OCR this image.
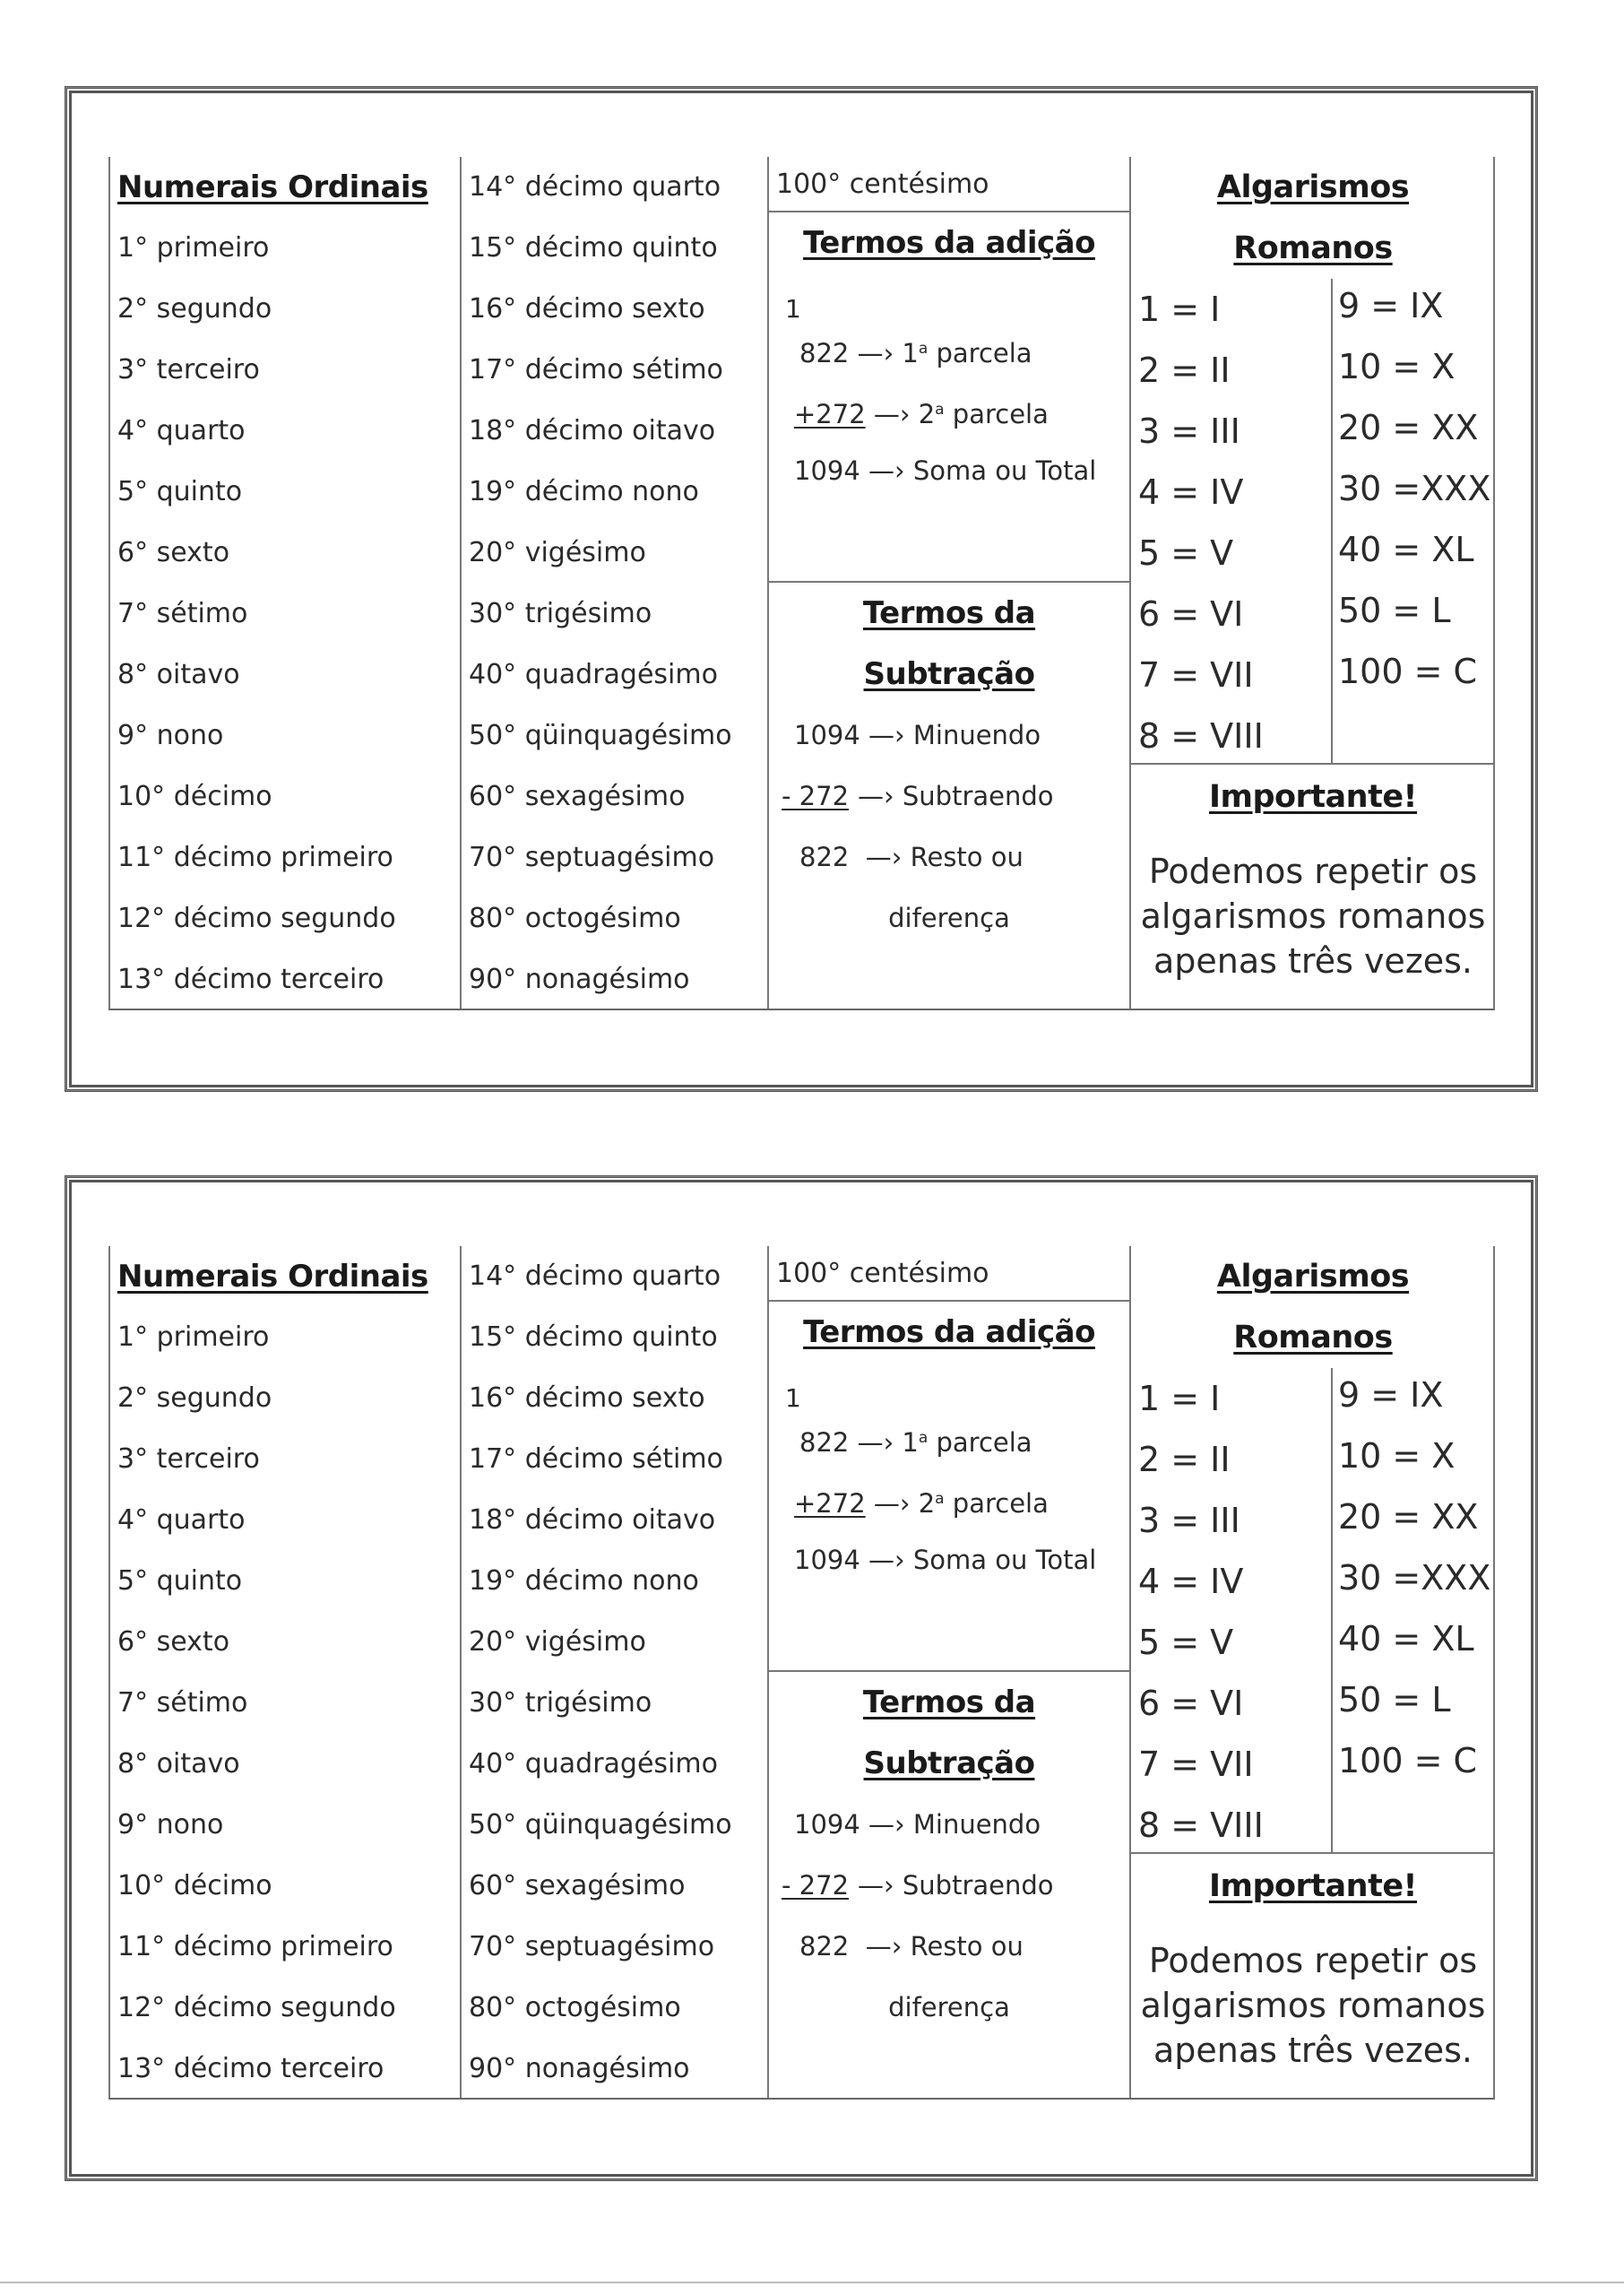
Numerais Ordinais
1° primeiro
2° segundo
3° terceiro
4° quarto
5° quinto
6° sexto
7° sétimo
8° oitavo
9° nono
10° décimo
11° décimo primeiro
12° décimo segundo
13° décimo terceiro
14° décimo quarto
15° décimo quinto
16° décimo sexto
17° décimo sétimo
18° décimo oitavo
19° décimo nono
20° vigésimo
30° trigésimo
40° quadragésimo
50° qüinquagésimo
60° sexagésimo
70° septuagésimo
80° octogésimo
90° nonagésimo
100° centésimo
Termos da adição
1
822 —› 1$^a$ parcela
+272 —› 2$^a$ parcela
1094 —› Soma ou Total
Termos da
Subtração
1094 —› Minuendo
- 272 —› Subtraendo
822 —› Resto ou
diferença
Algarismos
Romanos
1 = I
2 = II
3 = III
4 = IV
5 = V
6 = VI
7 = VII
8 = VIII
9 = IX
10 = X
20 = XX
30 =XXX
40 = XL
50 = L
100 = C
Importante!
Podemos repetir os
algarismos romanos
apenas três vezes.
Numerais Ordinais
1° primeiro
2° segundo
3° terceiro
4° quarto
5° quinto
6° sexto
7° sétimo
8° oitavo
9° nono
10° décimo
11° décimo primeiro
12° décimo segundo
13° décimo terceiro
14° décimo quarto
15° décimo quinto
16° décimo sexto
17° décimo sétimo
18° décimo oitavo
19° décimo nono
20° vigésimo
30° trigésimo
40° quadragésimo
50° qüinquagésimo
60° sexagésimo
70° septuagésimo
80° octogésimo
90° nonagésimo
100° centésimo
Termos da adição
1
822 —› 1$^a$ parcela
+272 —› 2$^a$ parcela
1094 —› Soma ou Total
Termos da
Subtração
1094 —› Minuendo
- 272 —› Subtraendo
822 —› Resto ou
diferença
Algarismos
Romanos
1 = I
2 = II
3 = III
4 = IV
5 = V
6 = VI
7 = VII
8 = VIII
9 = IX
10 = X
20 = XX
30 =XXX
40 = XL
50 = L
100 = C
Importante!
Podemos repetir os
algarismos romanos
apenas três vezes.
